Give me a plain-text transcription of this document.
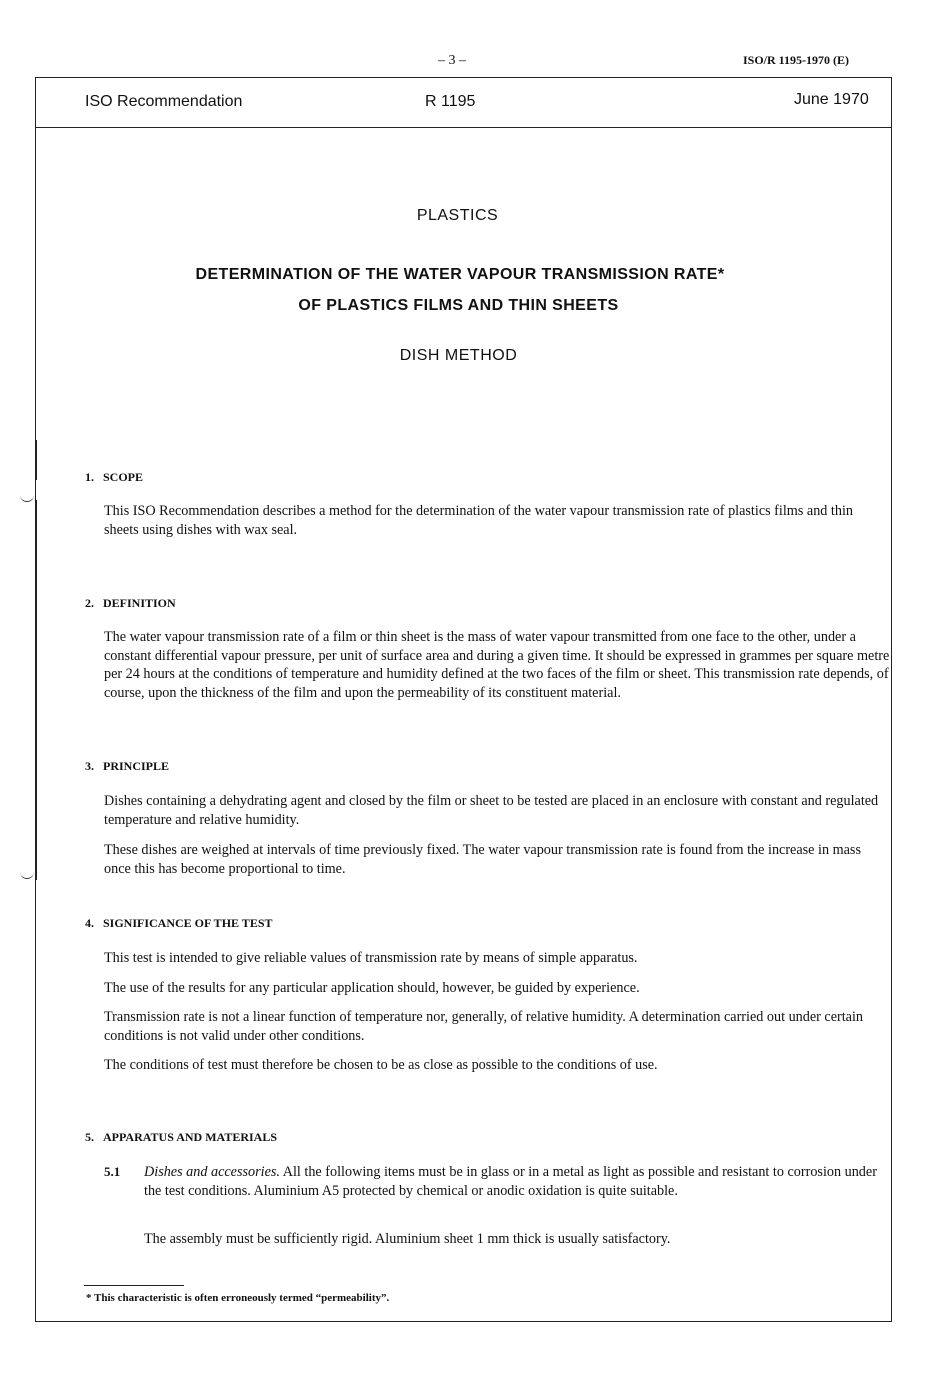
– 3 –	ISO/R 1195-1970 (E)
ISO Recommendation	R 1195	June 1970
PLASTICS
DETERMINATION OF THE WATER VAPOUR TRANSMISSION RATE*
OF PLASTICS FILMS AND THIN SHEETS
DISH METHOD
1. SCOPE
This ISO Recommendation describes a method for the determination of the water vapour transmission rate of plastics films and thin sheets using dishes with wax seal.
2. DEFINITION
The water vapour transmission rate of a film or thin sheet is the mass of water vapour transmitted from one face to the other, under a constant differential vapour pressure, per unit of surface area and during a given time. It should be expressed in grammes per square metre per 24 hours at the conditions of temperature and humidity defined at the two faces of the film or sheet. This transmission rate depends, of course, upon the thickness of the film and upon the permeability of its constituent material.
3. PRINCIPLE
Dishes containing a dehydrating agent and closed by the film or sheet to be tested are placed in an enclosure with constant and regulated temperature and relative humidity.
These dishes are weighed at intervals of time previously fixed. The water vapour transmission rate is found from the increase in mass once this has become proportional to time.
4. SIGNIFICANCE OF THE TEST
This test is intended to give reliable values of transmission rate by means of simple apparatus.
The use of the results for any particular application should, however, be guided by experience.
Transmission rate is not a linear function of temperature nor, generally, of relative humidity. A determination carried out under certain conditions is not valid under other conditions.
The conditions of test must therefore be chosen to be as close as possible to the conditions of use.
5. APPARATUS AND MATERIALS
5.1 Dishes and accessories. All the following items must be in glass or in a metal as light as possible and resistant to corrosion under the test conditions. Aluminium A5 protected by chemical or anodic oxidation is quite suitable.
The assembly must be sufficiently rigid. Aluminium sheet 1 mm thick is usually satisfactory.
* This characteristic is often erroneously termed “permeability”.
